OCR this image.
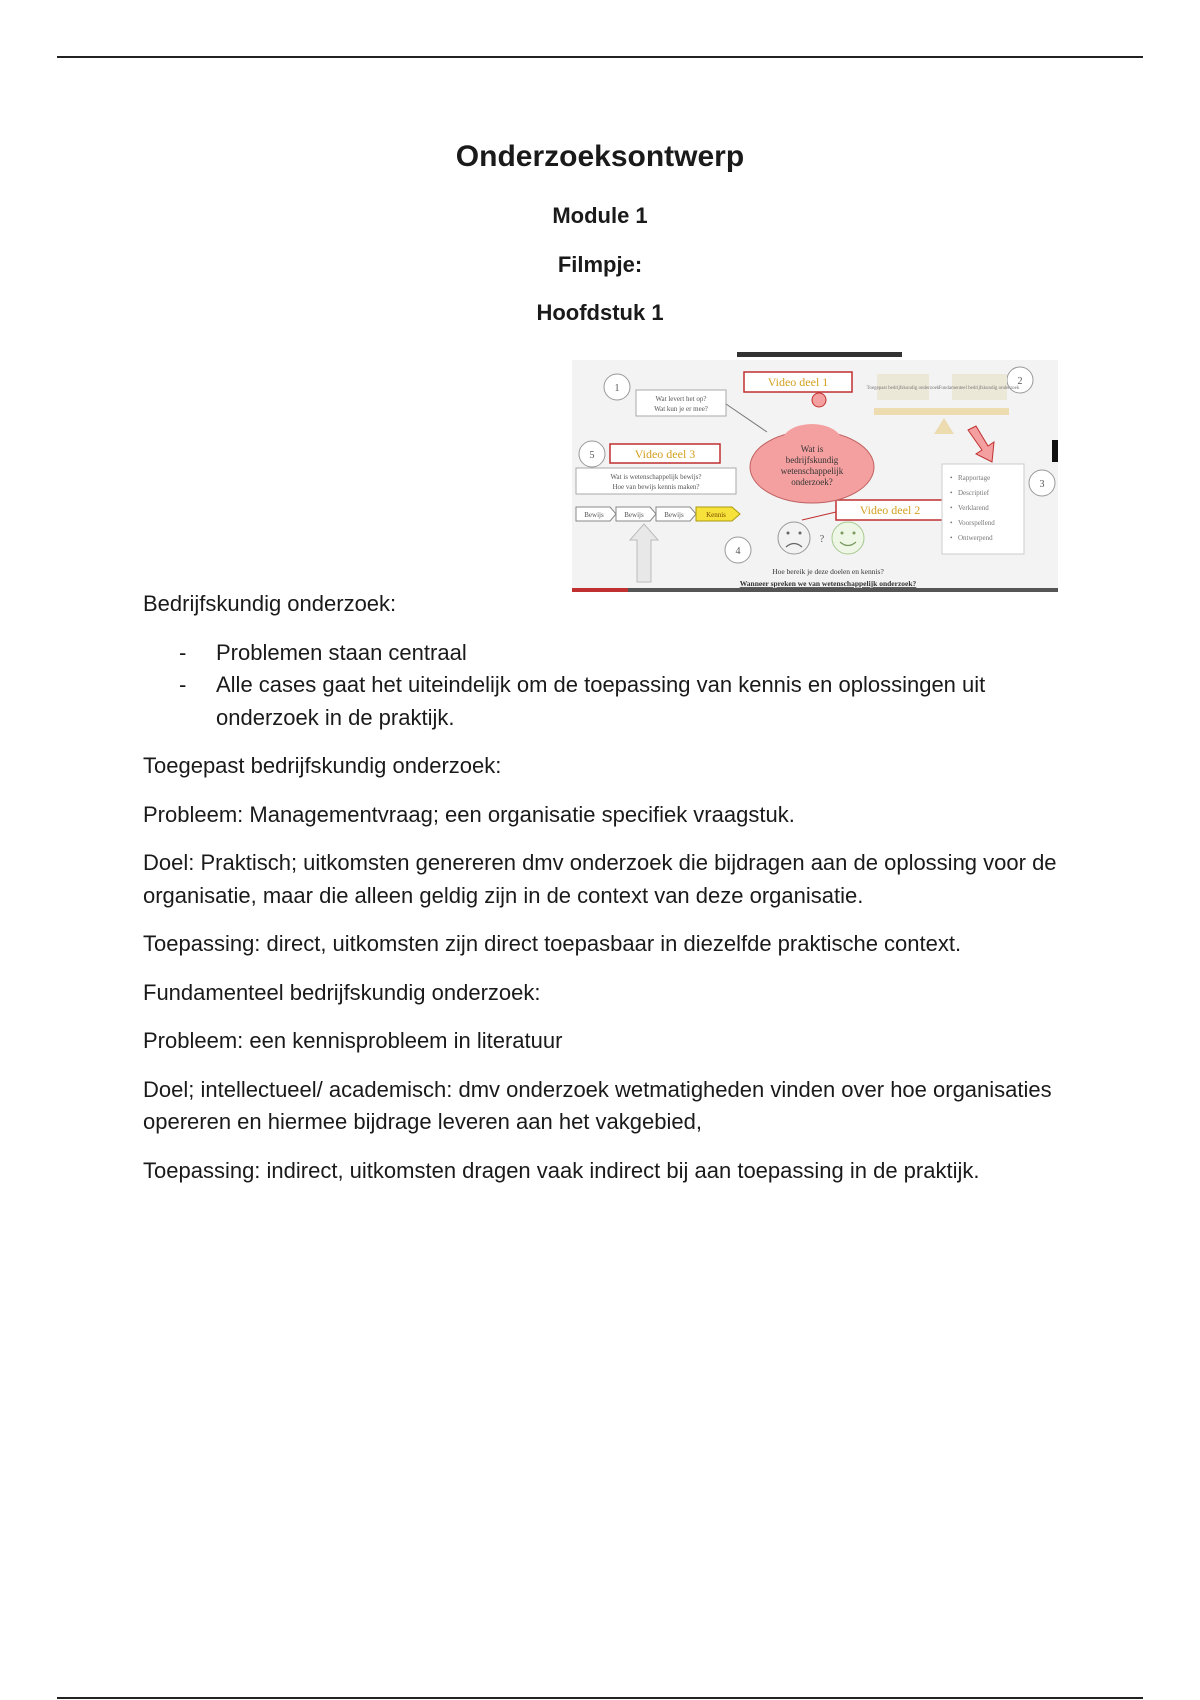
Onderzoeksontwerp
Module 1
Filmpje:
Hoofdstuk 1
1
2
3
4
5
Video deel 1
Video deel 3
Video deel 2
Wat levert het op?
Wat kun je er mee?
Wat is wetenschappelijk bewijs?
Hoe van bewijs kennis maken?
Wat is
bedrijfskundig
wetenschappelijk
onderzoek?
Toegepast bedrijfskundig onderzoek Fundamenteel bedrijfskundig onderzoek
• Rapportage
• Descriptief
• Verklarend
• Voorspellend
• Ontwerpend
Bewijs	Bewijs	Bewijs	Kennis
?
Hoe bereik je deze doelen en kennis?
Wanneer spreken we van wetenschappelijk onderzoek?

Bedrijfskundig onderzoek:

- Problemen staan centraal
- Alle cases gaat het uiteindelijk om de toepassing van kennis en oplossingen uit onderzoek in de praktijk.

Toegepast bedrijfskundig onderzoek:

Probleem: Managementvraag; een organisatie specifiek vraagstuk.

Doel: Praktisch; uitkomsten genereren dmv onderzoek die bijdragen aan de oplossing voor de organisatie, maar die alleen geldig zijn in de context van deze organisatie.

Toepassing: direct, uitkomsten zijn direct toepasbaar in diezelfde praktische context.

Fundamenteel bedrijfskundig onderzoek:

Probleem: een kennisprobleem in literatuur

Doel; intellectueel/ academisch: dmv onderzoek wetmatigheden vinden over hoe organisaties opereren en hiermee bijdrage leveren aan het vakgebied,

Toepassing: indirect, uitkomsten dragen vaak indirect bij aan toepassing in de praktijk.
